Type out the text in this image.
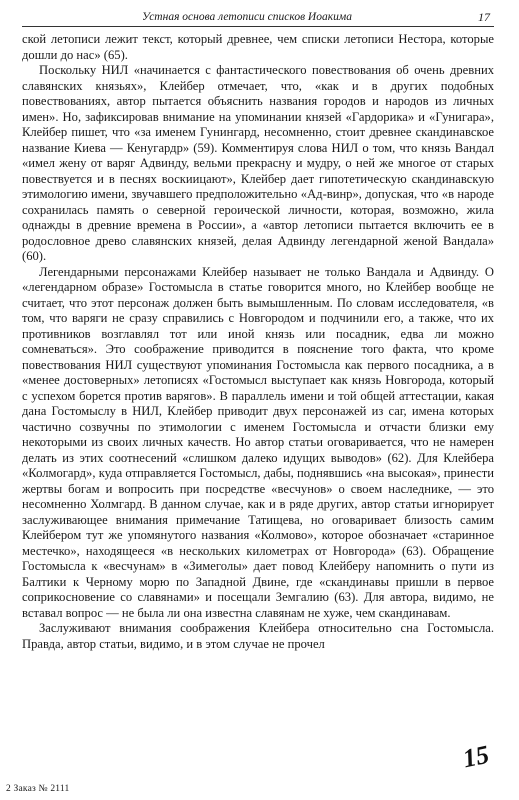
Устная основа летописи списков Иоакима	17

ской летописи лежит текст, который древнее, чем списки летописи Нестора, которые дошли до нас» (65).

Поскольку НИЛ «начинается с фантастического повествования об очень древних славянских князьях», Клейбер отмечает, что, «как и в других подобных повествованиях, автор пытается объяснить названия городов и народов из личных имен». Но, зафиксировав внимание на упоминании князей «Гардорика» и «Гунигара», Клейбер пишет, что «за именем Гунингард, несомненно, стоит древнее скандинавское название Киева — Кенугардр» (59). Комментируя слова НИЛ о том, что князь Вандал «имел жену от варяг Адвинду, вельми прекрасну и мудру, о ней же многое от старых повествуется и в песнях воскиицают», Клейбер дает гипотетическую скандинавскую этимологию имени, звучавшего предположительно «Ад-винр», допуская, что «в народе сохранилась память о северной героической личности, которая, возможно, жила однажды в древние времена в России», а «автор летописи пытается включить ее в родословное древо славянских князей, делая Адвинду легендарной женой Вандала» (60).

Легендарными персонажами Клейбер называет не только Вандала и Адвинду. О «легендарном образе» Гостомысла в статье говорится много, но Клейбер вообще не считает, что этот персонаж должен быть вымышленным. По словам исследователя, «в том, что варяги не сразу справились с Новгородом и подчинили его, а также, что их противников возглавлял тот или иной князь или посадник, едва ли можно сомневаться». Это соображение приводится в пояснение того факта, что кроме повествования НИЛ существуют упоминания Гостомысла как первого посадника, а в «менее достоверных» летописях «Гостомысл выступает как князь Новгорода, который с успехом борется против варягов». В параллель имени и той общей аттестации, какая дана Гостомыслу в НИЛ, Клейбер приводит двух персонажей из саг, имена которых частично созвучны по этимологии с именем Гостомысла и отчасти близки ему некоторыми из своих личных качеств. Но автор статьи оговаривается, что не намерен делать из этих соотнесений «слишком далеко идущих выводов» (62). Для Клейбера «Колмогард», куда отправляется Гостомысл, дабы, поднявшись «на высокая», принести жертвы богам и вопросить при посредстве «весчунов» о своем наследнике, — это несомненно Холмгард. В данном случае, как и в ряде других, автор статьи игнорирует заслуживающее внимания примечание Татищева, но оговаривает близость самим Клейбером тут же упомянутого названия «Колмово», которое обозначает «старинное местечко», находящееся «в нескольких километрах от Новгорода» (63). Обращение Гостомысла к «весчунам» в «Зимеголы» дает повод Клейберу напомнить о пути из Балтики к Черному морю по Западной Двине, где «скандинавы пришли в первое соприкосновение со славянами» и посещали Земгалию (63). Для автора, видимо, не вставал вопрос — не была ли она известна славянам не хуже, чем скандинавам.

Заслуживают внимания соображения Клейбера относительно сна Гостомысла. Правда, автор статьи, видимо, и в этом случае не прочел

2 Заказ № 2111
15
